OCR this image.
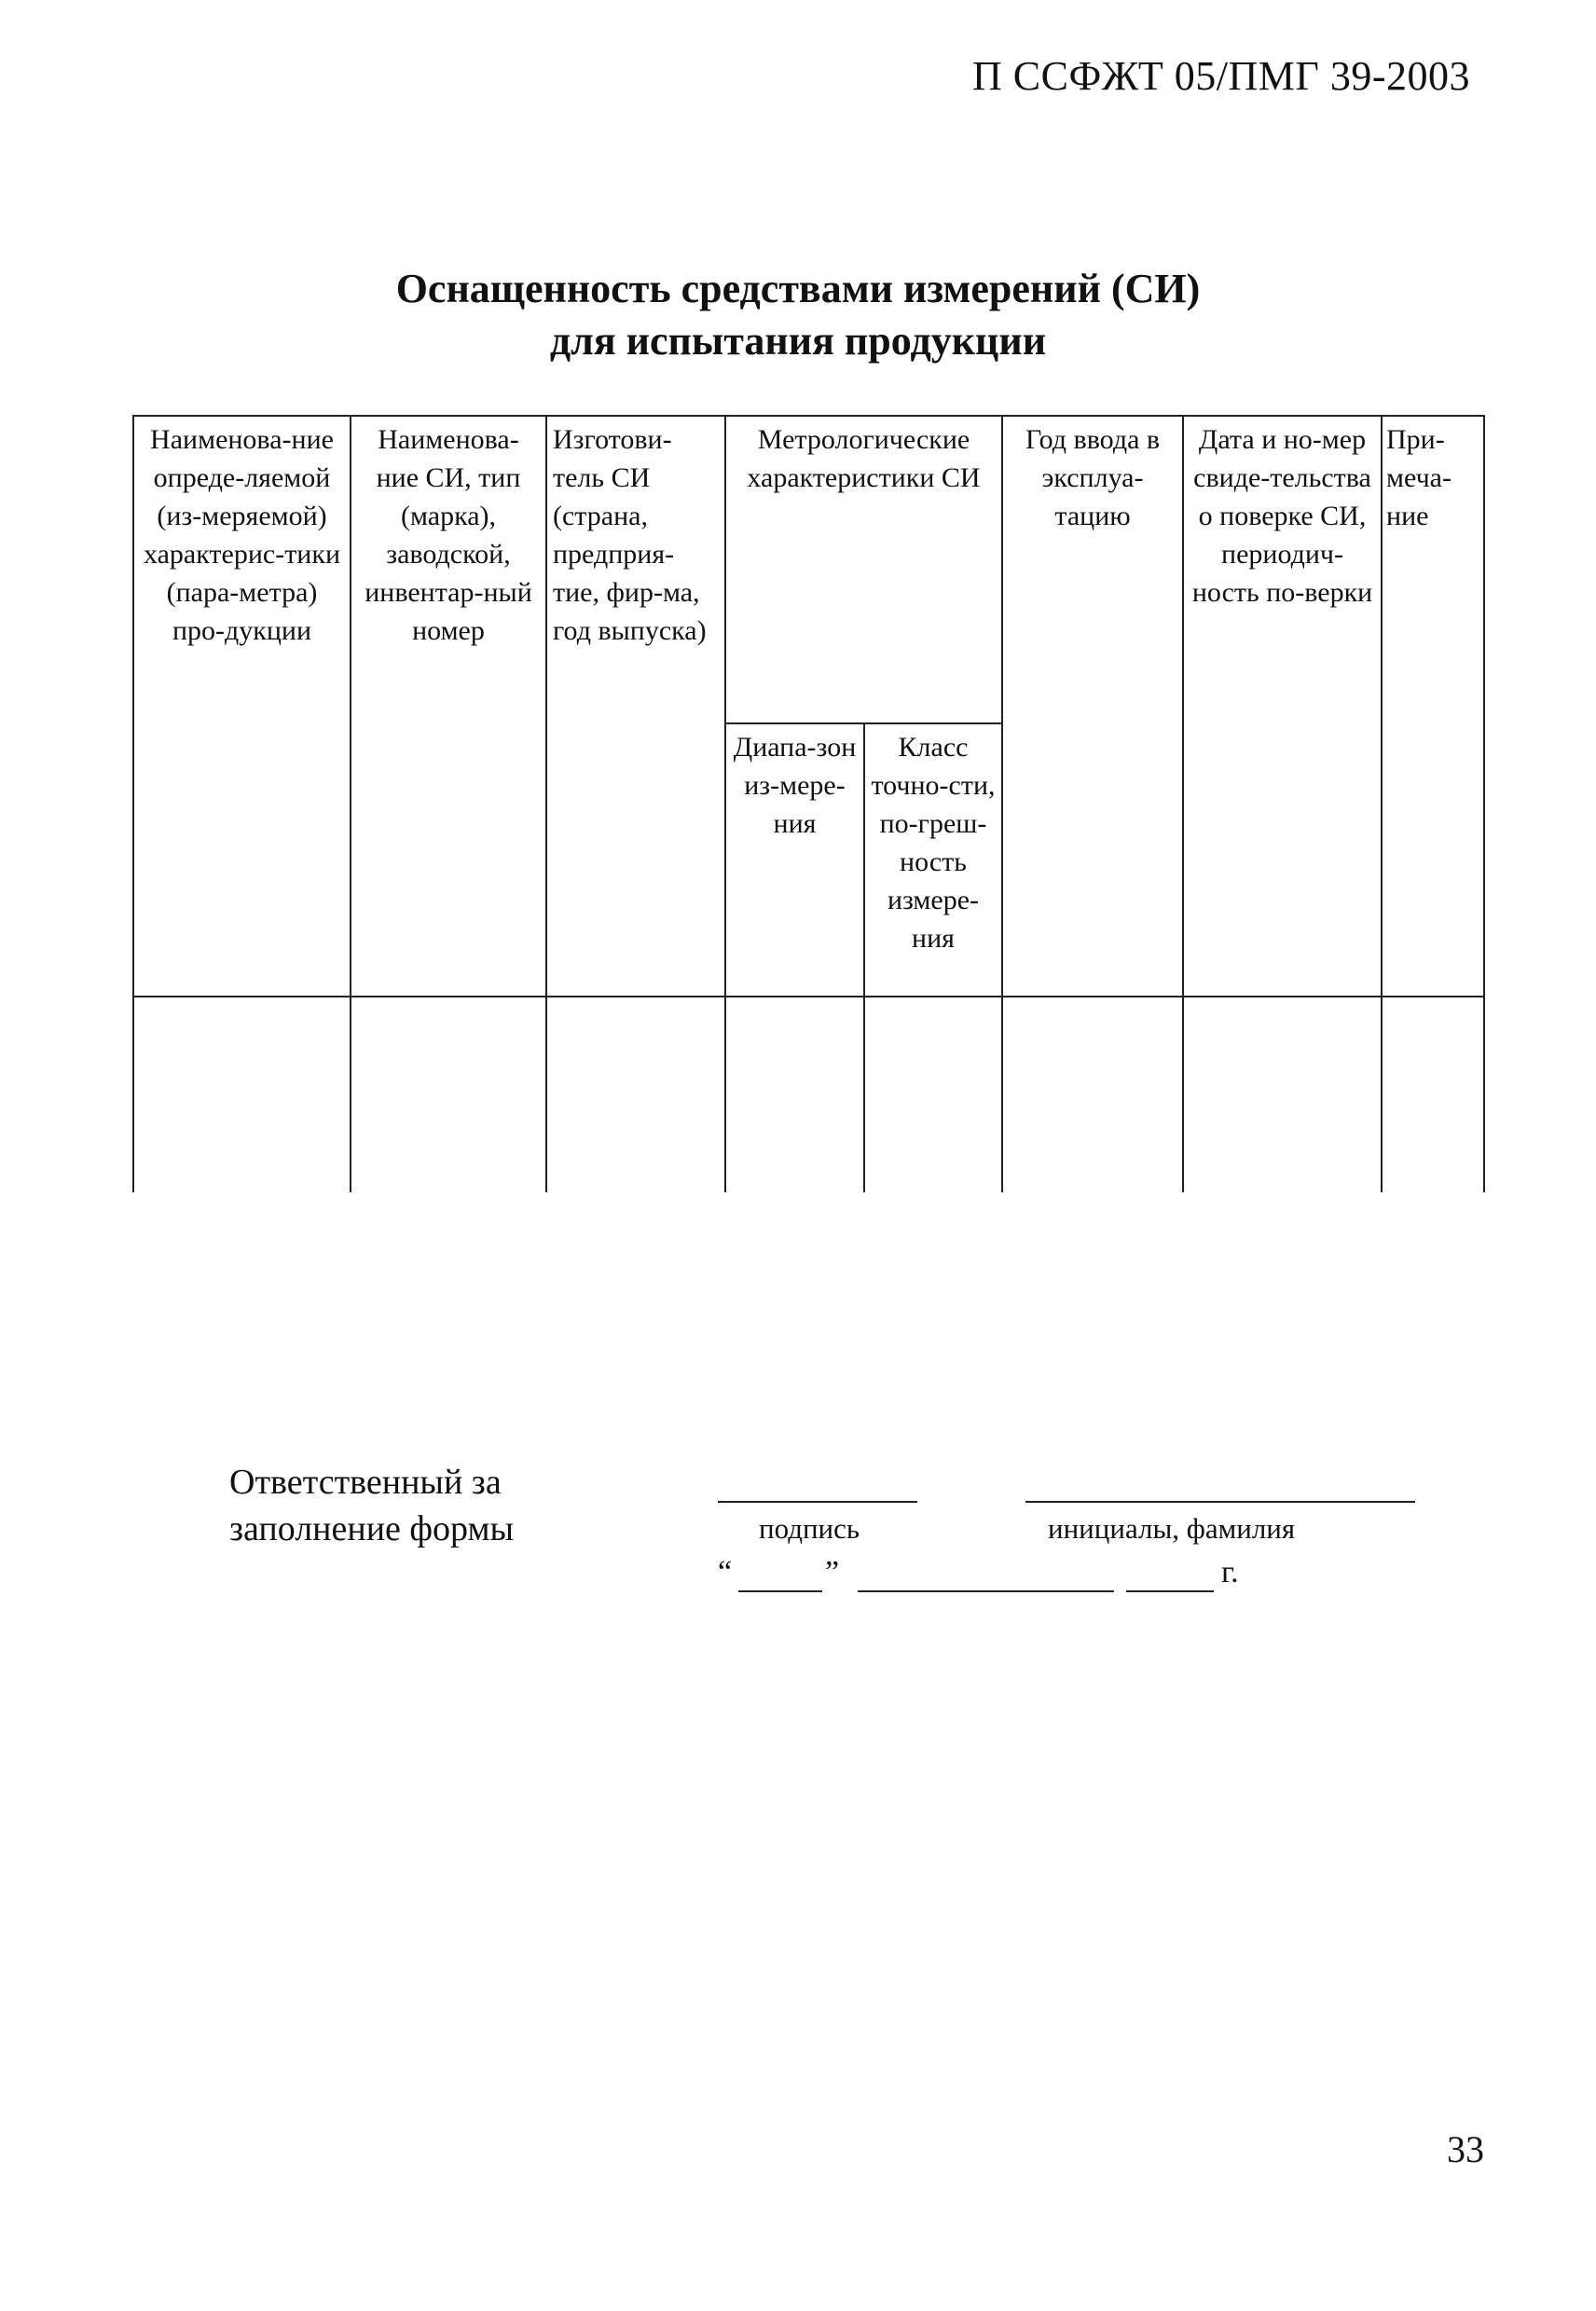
П ССФЖТ 05/ПМГ 39-2003
Оснащенность средствами измерений (СИ)
для испытания продукции
Наименова-ние опреде-ляемой (из-меряемой) характерис-тики (пара-метра) про-дукции	Наименова-ние СИ, тип (марка), заводской, инвентар-ный номер	Изготови-тель СИ (страна, предприя-тие, фир-ма, год выпуска)	Метрологические характеристики СИ		Год ввода в эксплуа-тацию	Дата и но-мер свиде-тельства о поверке СИ, периодич-ность по-верки	При-меча-ние
			Диапа-зон из-мере-ния	Класс точно-сти, по-греш-ность измере-ния			

Ответственный за
заполнение формы	подпись	инициалы, фамилия
“	”	г.
33
